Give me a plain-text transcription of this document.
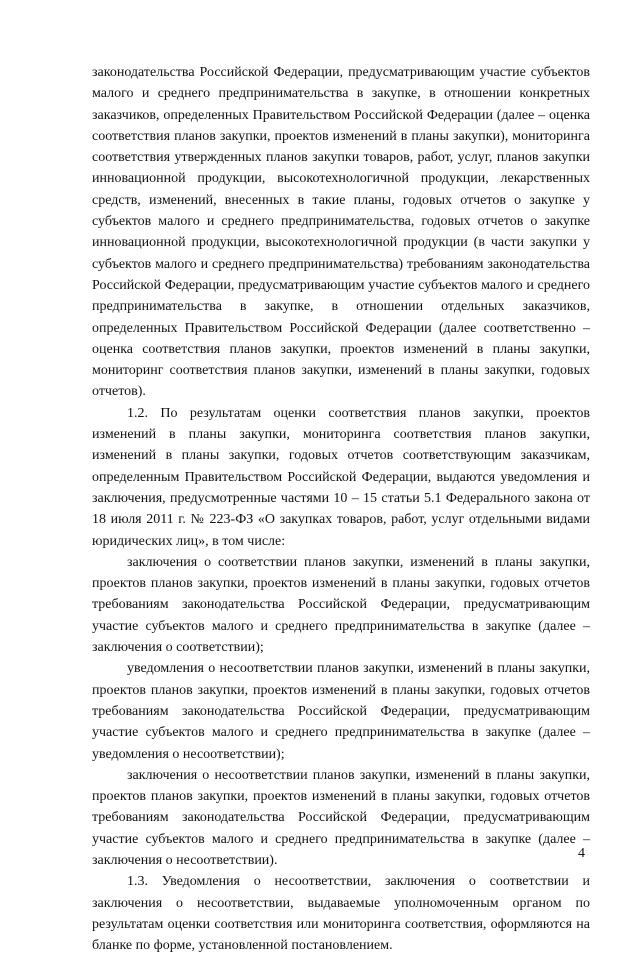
законодательства Российской Федерации, предусматривающим участие субъектов малого и среднего предпринимательства в закупке, в отношении конкретных заказчиков, определенных Правительством Российской Федерации (далее – оценка соответствия планов закупки, проектов изменений в планы закупки), мониторинга соответствия утвержденных планов закупки товаров, работ, услуг, планов закупки инновационной продукции, высокотехнологичной продукции, лекарственных средств, изменений, внесенных в такие планы, годовых отчетов о закупке у субъектов малого и среднего предпринимательства, годовых отчетов о закупке инновационной продукции, высокотехнологичной продукции (в части закупки у субъектов малого и среднего предпринимательства) требованиям законодательства Российской Федерации, предусматривающим участие субъектов малого и среднего предпринимательства в закупке, в отношении отдельных заказчиков, определенных Правительством Российской Федерации (далее соответственно – оценка соответствия планов закупки, проектов изменений в планы закупки, мониторинг соответствия планов закупки, изменений в планы закупки, годовых отчетов).

1.2. По результатам оценки соответствия планов закупки, проектов изменений в планы закупки, мониторинга соответствия планов закупки, изменений в планы закупки, годовых отчетов соответствующим заказчикам, определенным Правительством Российской Федерации, выдаются уведомления и заключения, предусмотренные частями 10 – 15 статьи 5.1 Федерального закона от 18 июля 2011 г. № 223-ФЗ «О закупках товаров, работ, услуг отдельными видами юридических лиц», в том числе:

заключения о соответствии планов закупки, изменений в планы закупки, проектов планов закупки, проектов изменений в планы закупки, годовых отчетов требованиям законодательства Российской Федерации, предусматривающим участие субъектов малого и среднего предпринимательства в закупке (далее – заключения о соответствии);

уведомления о несоответствии планов закупки, изменений в планы закупки, проектов планов закупки, проектов изменений в планы закупки, годовых отчетов требованиям законодательства Российской Федерации, предусматривающим участие субъектов малого и среднего предпринимательства в закупке (далее – уведомления о несоответствии);

заключения о несоответствии планов закупки, изменений в планы закупки, проектов планов закупки, проектов изменений в планы закупки, годовых отчетов требованиям законодательства Российской Федерации, предусматривающим участие субъектов малого и среднего предпринимательства в закупке (далее – заключения о несоответствии).

1.3. Уведомления о несоответствии, заключения о соответствии и заключения о несоответствии, выдаваемые уполномоченным органом по результатам оценки соответствия или мониторинга соответствия, оформляются на бланке по форме, установленной постановлением.

4
